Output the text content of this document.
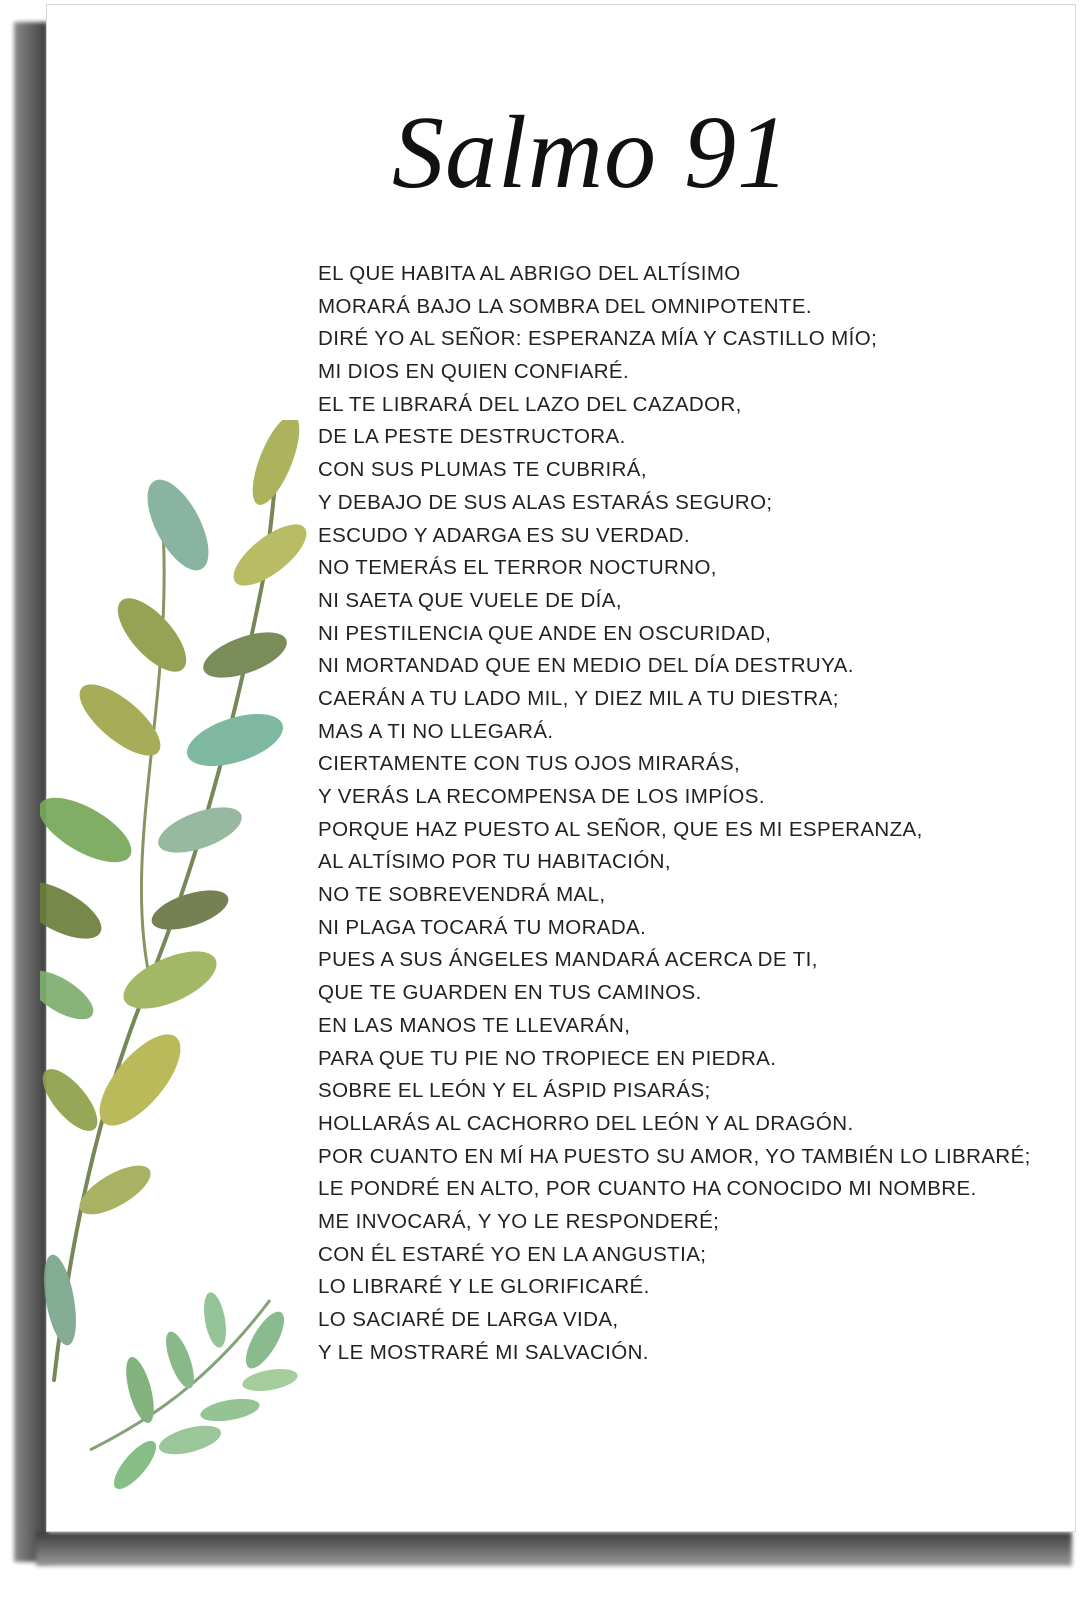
Salmo 91
EL QUE HABITA AL ABRIGO DEL ALTÍSIMO
MORARÁ BAJO LA SOMBRA DEL OMNIPOTENTE.
DIRÉ YO AL SEÑOR: ESPERANZA MÍA Y CASTILLO MÍO;
MI DIOS EN QUIEN CONFIARÉ.
EL TE LIBRARÁ DEL LAZO DEL CAZADOR,
DE LA PESTE DESTRUCTORA.
CON SUS PLUMAS TE CUBRIRÁ,
Y DEBAJO DE SUS ALAS ESTARÁS SEGURO;
ESCUDO Y ADARGA ES SU VERDAD.
NO TEMERÁS EL TERROR NOCTURNO,
NI SAETA QUE VUELE DE DÍA,
NI PESTILENCIA QUE ANDE EN OSCURIDAD,
NI MORTANDAD QUE EN MEDIO DEL DÍA DESTRUYA.
CAERÁN A TU LADO MIL, Y DIEZ MIL A TU DIESTRA;
MAS A TI NO LLEGARÁ.
CIERTAMENTE CON TUS OJOS MIRARÁS,
Y VERÁS LA RECOMPENSA DE LOS IMPÍOS.
PORQUE HAZ PUESTO AL SEÑOR, QUE ES MI ESPERANZA,
AL ALTÍSIMO POR TU HABITACIÓN,
NO TE SOBREVENDRÁ MAL,
NI PLAGA TOCARÁ TU MORADA.
PUES A SUS ÁNGELES MANDARÁ ACERCA DE TI,
QUE TE GUARDEN EN TUS CAMINOS.
EN LAS MANOS TE LLEVARÁN,
PARA QUE TU PIE NO TROPIECE EN PIEDRA.
SOBRE EL LEÓN Y EL ÁSPID PISARÁS;
HOLLARÁS AL CACHORRO DEL LEÓN Y AL DRAGÓN.
POR CUANTO EN MÍ HA PUESTO SU AMOR, YO TAMBIÉN LO LIBRARÉ;
LE PONDRÉ EN ALTO, POR CUANTO HA CONOCIDO MI NOMBRE.
ME INVOCARÁ, Y YO LE RESPONDERÉ;
CON ÉL ESTARÉ YO EN LA ANGUSTIA;
LO LIBRARÉ Y LE GLORIFICARÉ.
LO SACIARÉ DE LARGA VIDA,
Y LE MOSTRARÉ MI SALVACIÓN.
